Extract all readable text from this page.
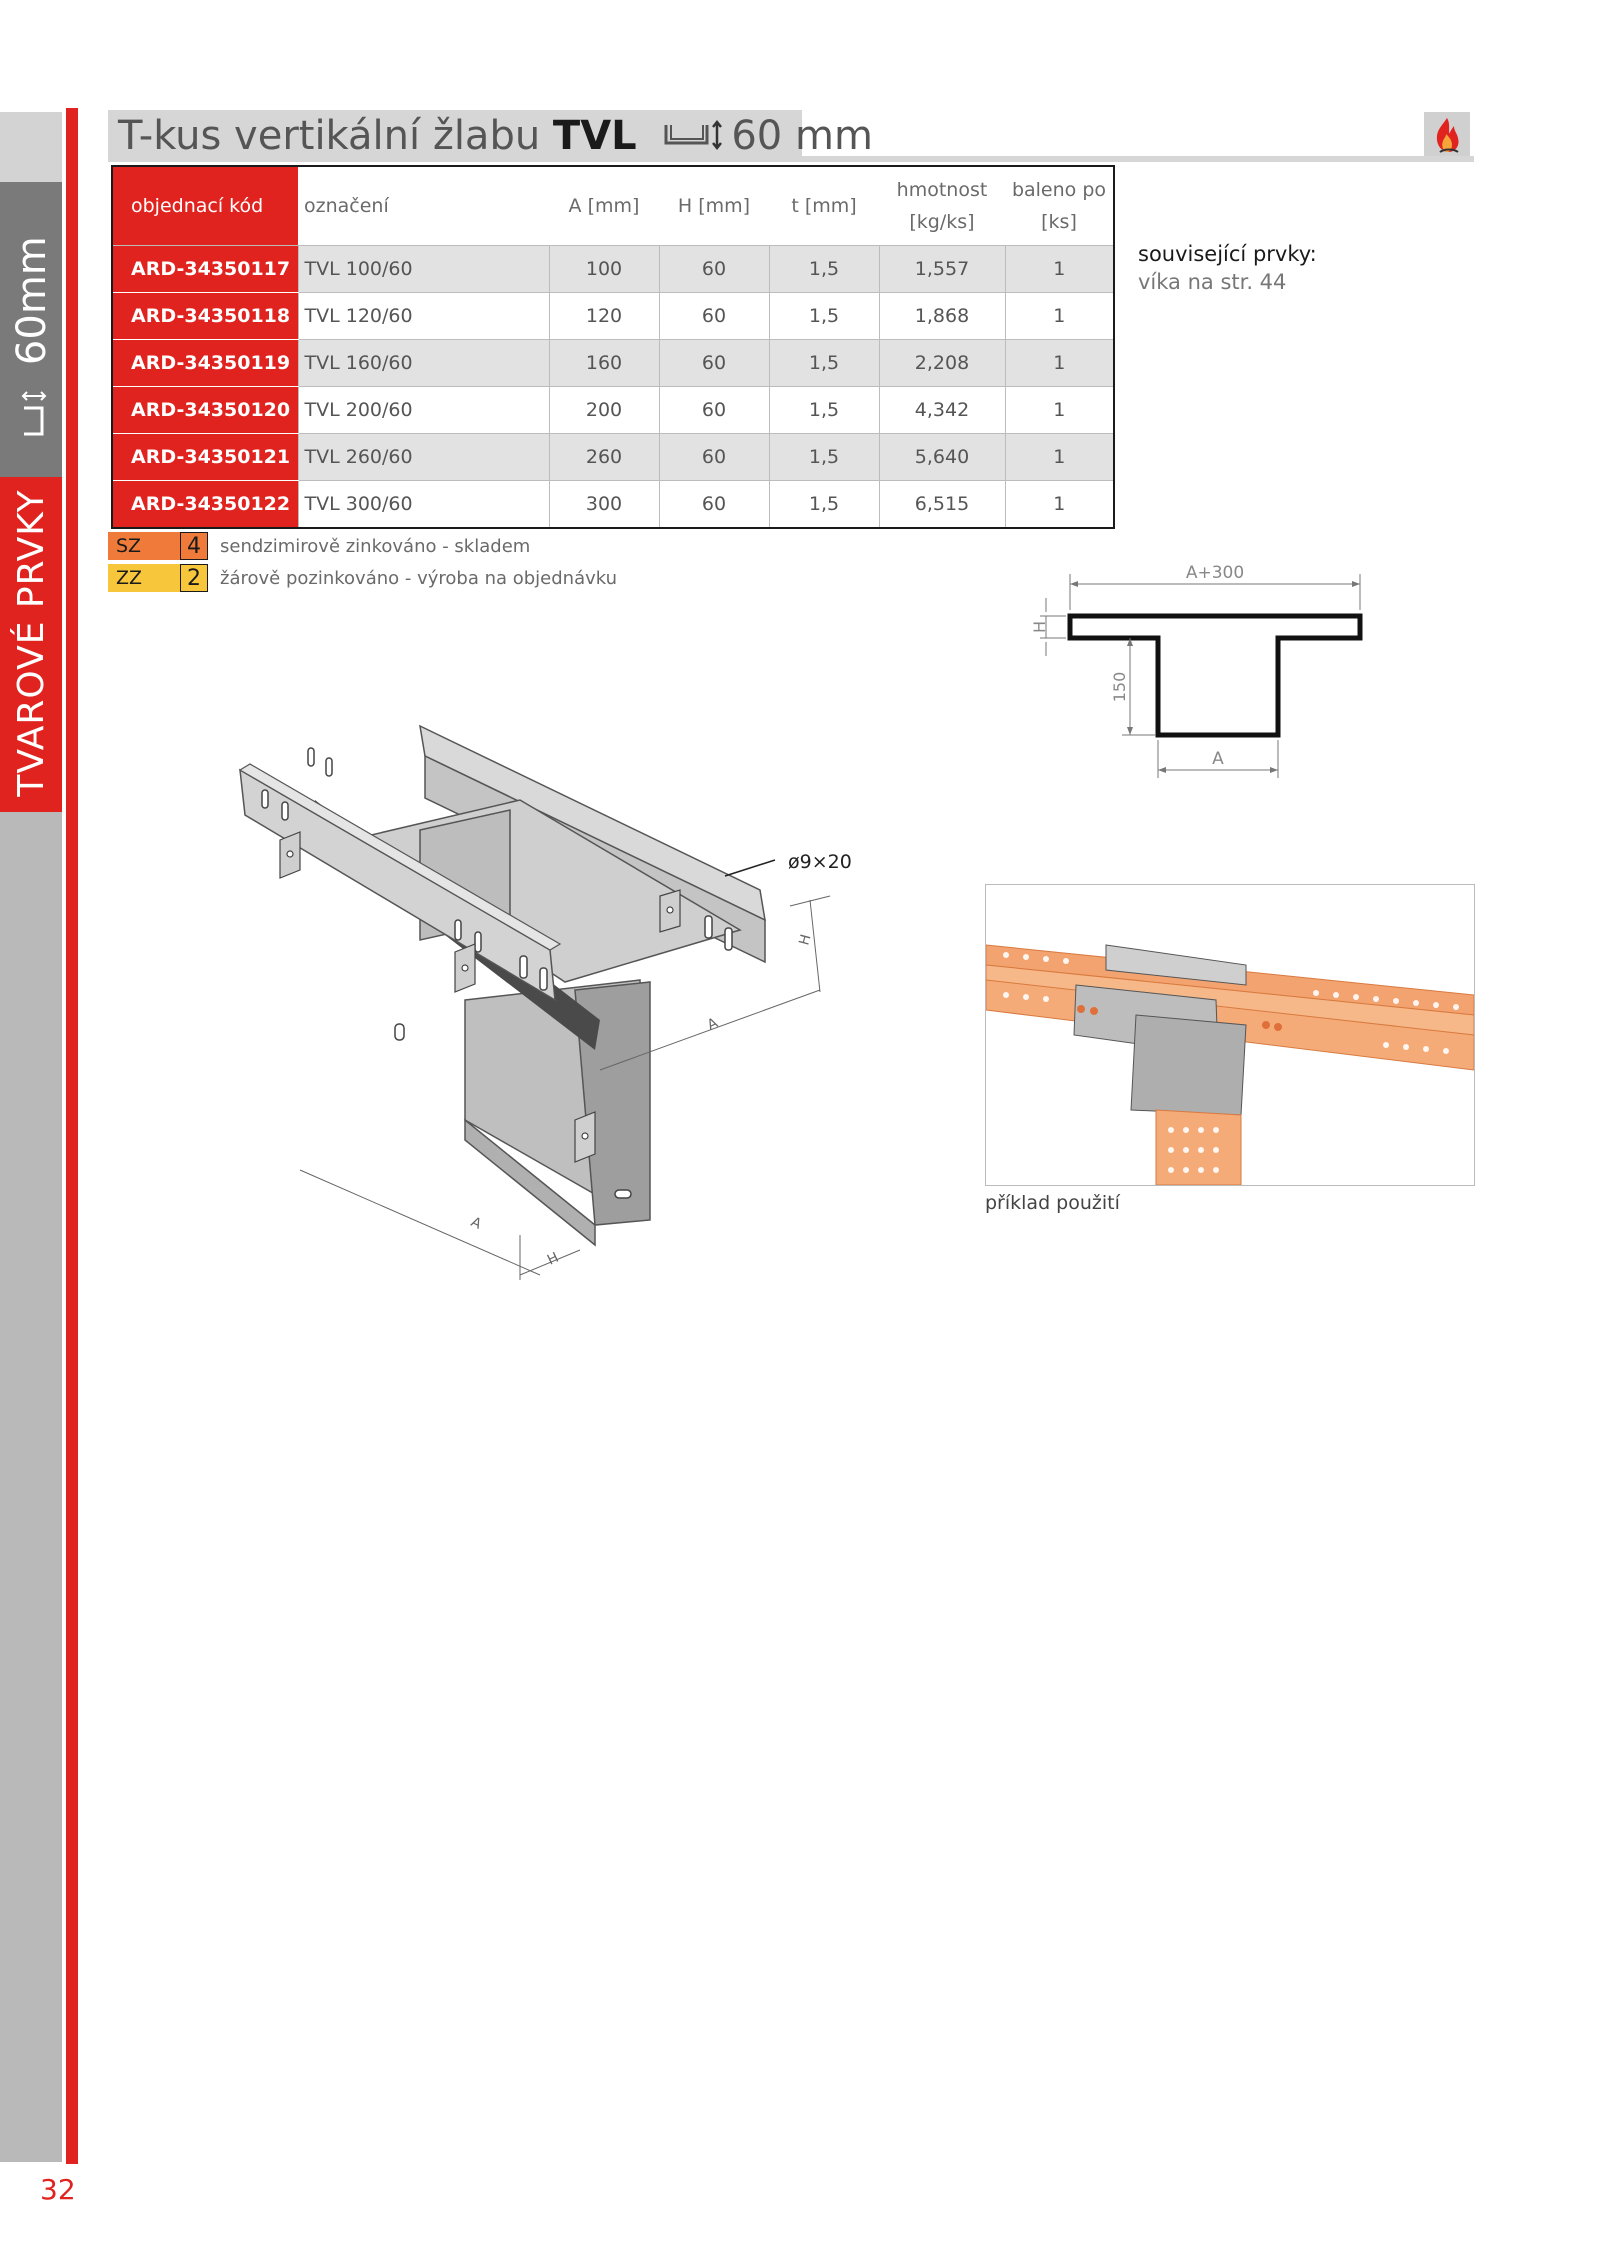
60mm
TVAROVÉ PRVKY
32
T-kus vertikální žlabu TVL 60 mm
objednací kód	označení	A [mm]	H [mm]	t [mm]	hmotnost
[kg/ks]	baleno po
[ks]
ARD-34350117	TVL 100/60	100	60	1,5	1,557	1
ARD-34350118	TVL 120/60	120	60	1,5	1,868	1
ARD-34350119	TVL 160/60	160	60	1,5	2,208	1
ARD-34350120	TVL 200/60	200	60	1,5	4,342	1
ARD-34350121	TVL 260/60	260	60	1,5	5,640	1
ARD-34350122	TVL 300/60	300	60	1,5	6,515	1
SZ	4	sendzimirově zinkováno - skladem
ZZ	2	žárově pozinkováno - výroba na objednávku
související prvky:
víka na str. 44
A+300
H
150
A
A
H
A
H
ø9×20
příklad použití
